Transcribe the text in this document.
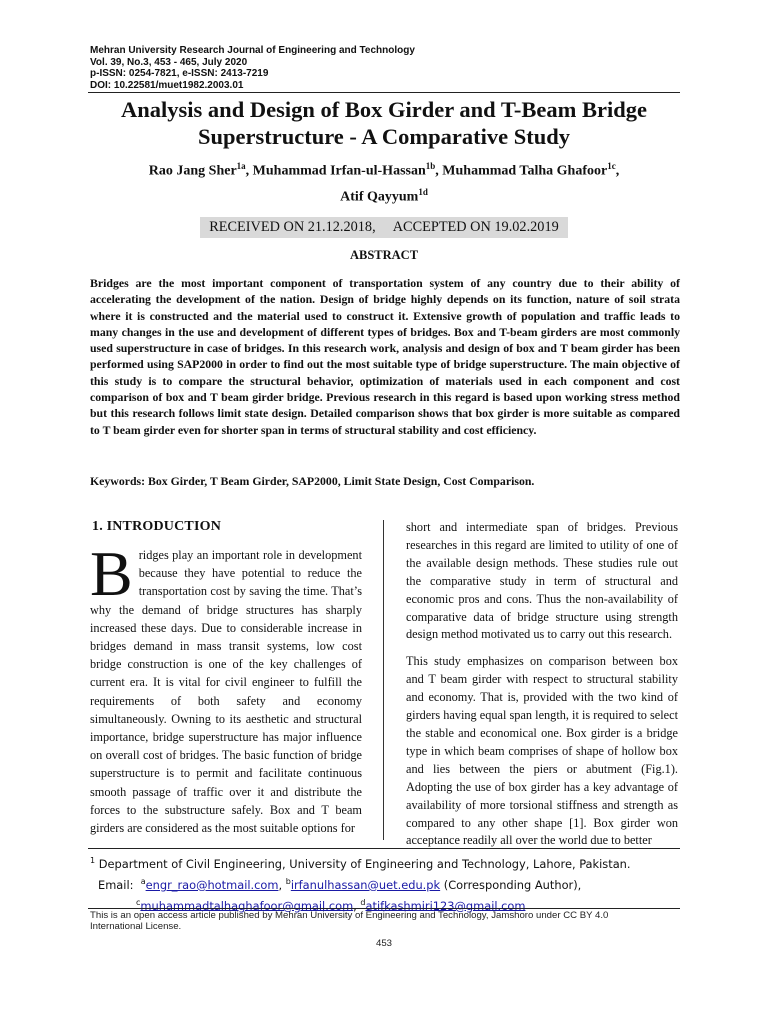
Mehran University Research Journal of Engineering and Technology
Vol. 39, No.3, 453 - 465, July 2020
p-ISSN: 0254-7821, e-ISSN: 2413-7219
DOI: 10.22581/muet1982.2003.01
Analysis and Design of Box Girder and T-Beam Bridge
Superstructure - A Comparative Study
Rao Jang Sher$^{1a}$, Muhammad Irfan-ul-Hassan$^{1b}$, Muhammad Talha Ghafoor$^{1c}$,
Atif Qayyum$^{1d}$
RECEIVED ON 21.12.2018, ACCEPTED ON 19.02.2019
ABSTRACT
Bridges are the most important component of transportation system of any country due to their ability of accelerating the development of the nation. Design of bridge highly depends on its function, nature of soil strata where it is constructed and the material used to construct it. Extensive growth of population and traffic leads to many changes in the use and development of different types of bridges. Box and T-beam girders are most commonly used superstructure in case of bridges. In this research work, analysis and design of box and T beam girder has been performed using SAP2000 in order to find out the most suitable type of bridge superstructure. The main objective of this study is to compare the structural behavior, optimization of materials used in each component and cost comparison of box and T beam girder bridge. Previous research in this regard is based upon working stress method but this research follows limit state design. Detailed comparison shows that box girder is more suitable as compared to T beam girder even for shorter span in terms of structural stability and cost efficiency.
Keywords: Box Girder, T Beam Girder, SAP2000, Limit State Design, Cost Comparison.
1. INTRODUCTION
Bridges play an important role in development because they have potential to reduce the transportation cost by saving the time. That’s why the demand of bridge structures has sharply increased these days. Due to considerable increase in bridges demand in mass transit systems, low cost bridge construction is one of the key challenges of current era. It is vital for civil engineer to fulfill the requirements of both safety and economy simultaneously. Owning to its aesthetic and structural importance, bridge superstructure has major influence on overall cost of bridges. The basic function of bridge superstructure is to permit and facilitate continuous smooth passage of traffic over it and distribute the forces to the substructure safely. Box and T beam girders are considered as the most suitable options for

short and intermediate span of bridges. Previous researches in this regard are limited to utility of one of the available design methods. These studies rule out the comparative study in term of structural and economic pros and cons. Thus the non-availability of comparative data of bridge structure using strength design method motivated us to carry out this research.

This study emphasizes on comparison between box and T beam girder with respect to structural stability and economy. That is, provided with the two kind of girders having equal span length, it is required to select the stable and economical one. Box girder is a bridge type in which beam comprises of shape of hollow box and lies between the piers or abutment (Fig.1). Adopting the use of box girder has a key advantage of availability of more torsional stiffness and strength as compared to any other shape [1]. Box girder won acceptance readily all over the world due to better

$^1$ Department of Civil Engineering, University of Engineering and Technology, Lahore, Pakistan.
Email: $^a$engr_rao@hotmail.com, $^b$irfanulhassan@uet.edu.pk (Corresponding Author),
$^c$muhammadtalhaghafoor@gmail.com, $^d$atifkashmiri123@gmail.com
This is an open access article published by Mehran University of Engineering and Technology, Jamshoro under CC BY 4.0 International License.
453
